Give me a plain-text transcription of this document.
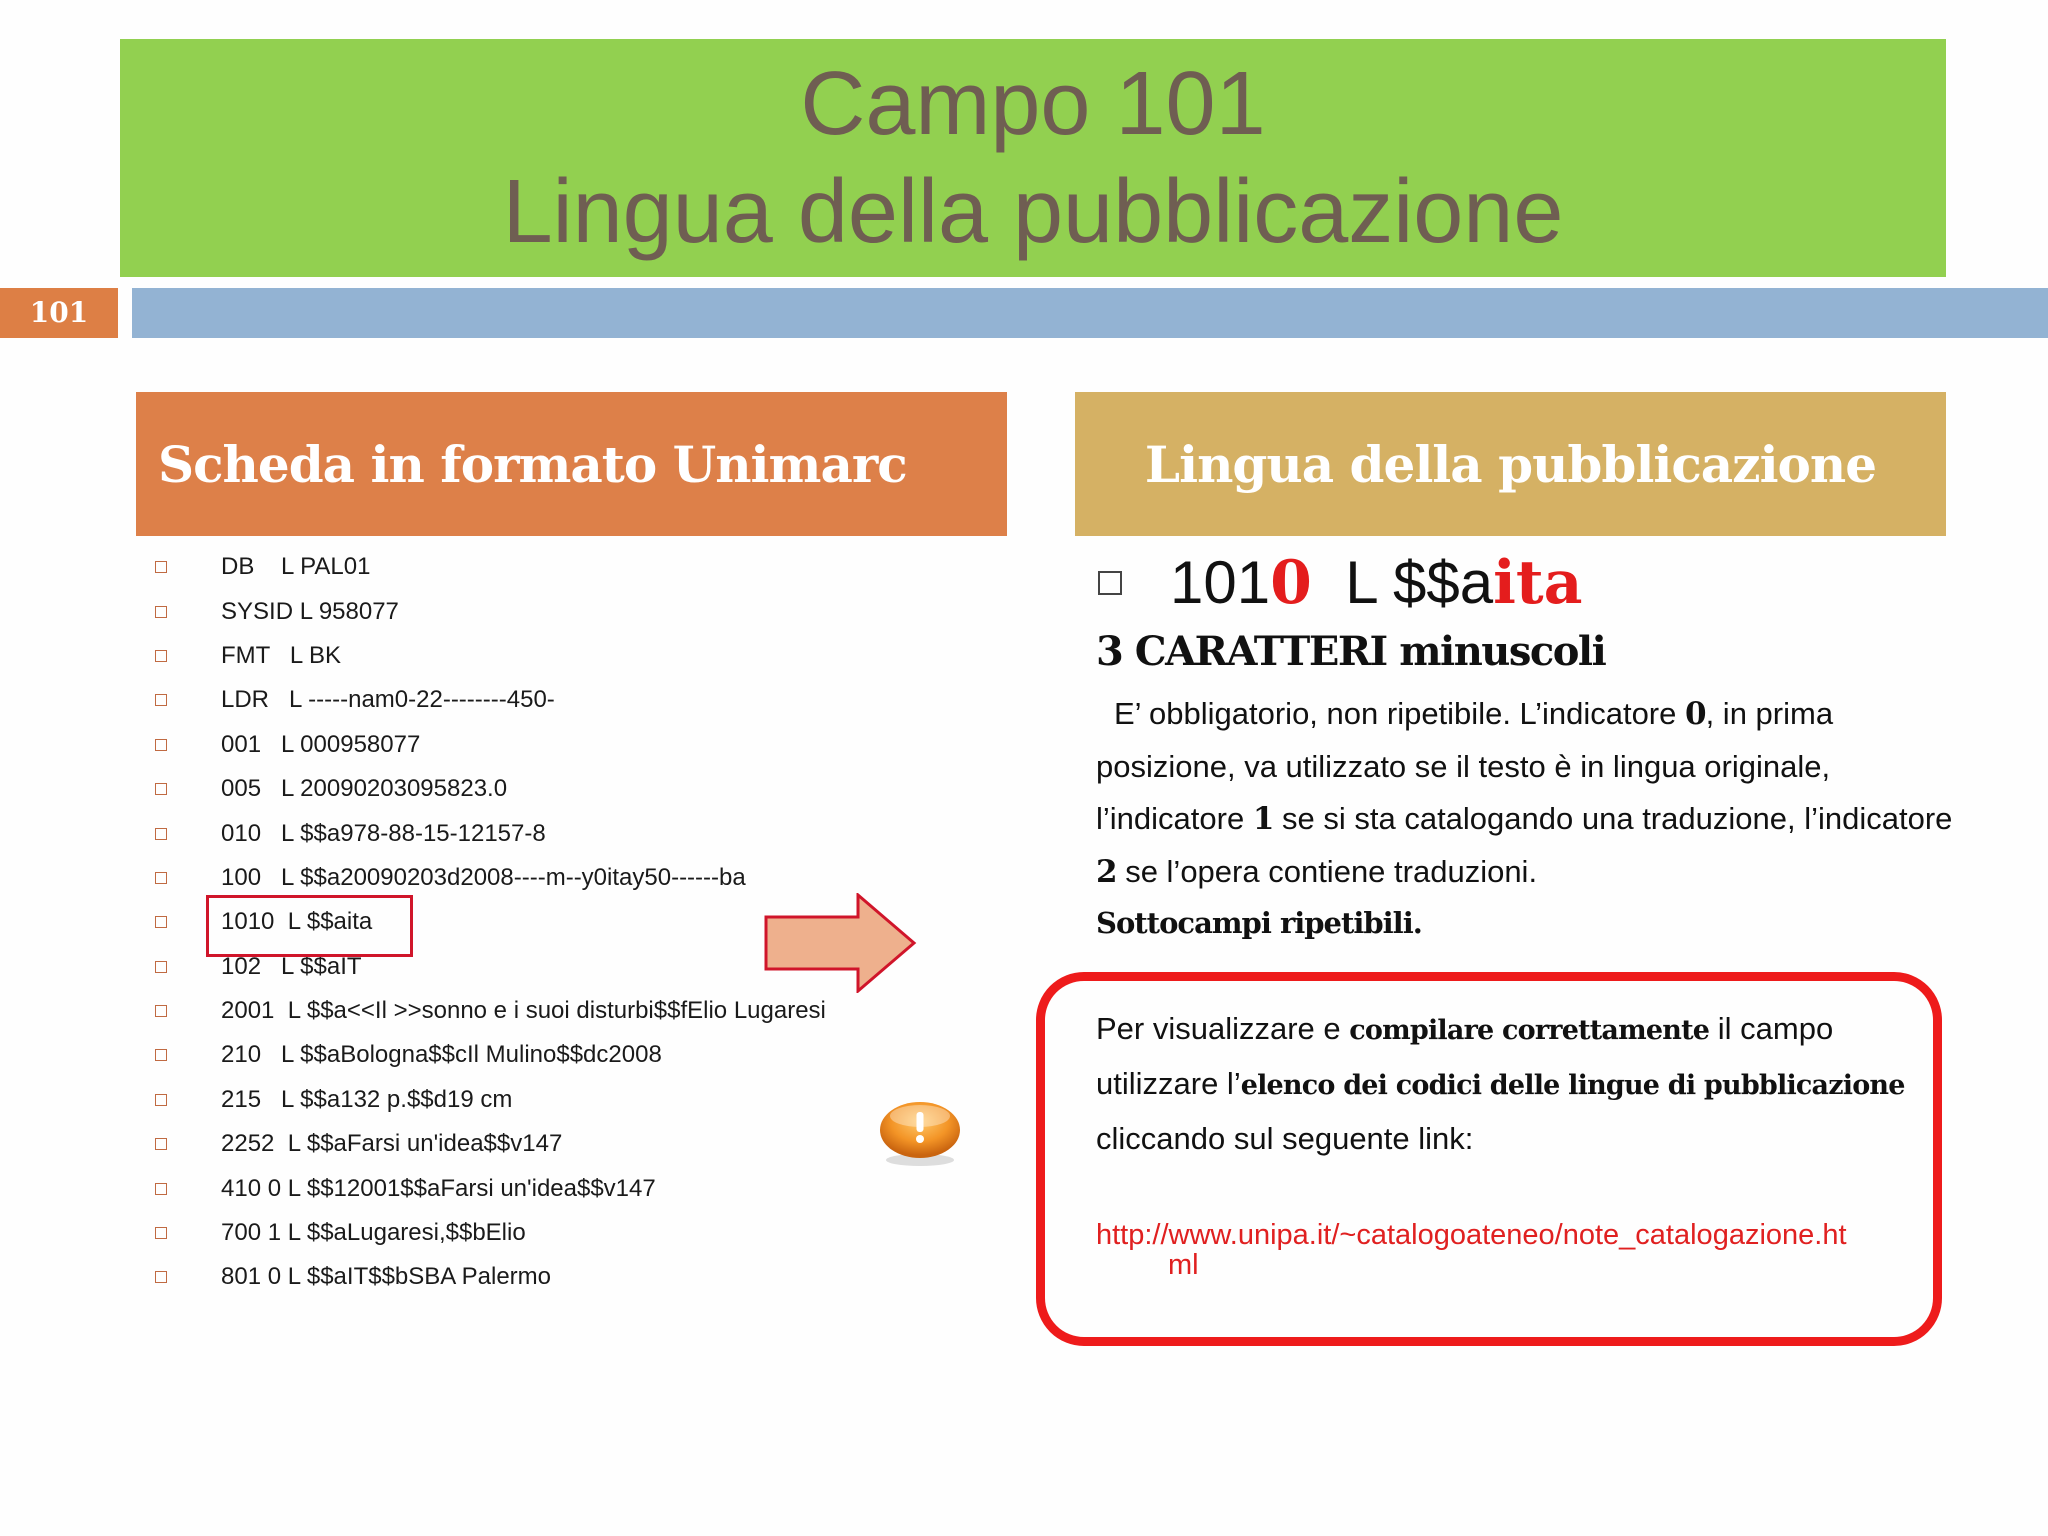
Campo 101
Lingua della pubblicazione
101
Scheda in formato Unimarc	Lingua della pubblicazione
DB    L PAL01
SYSID L 958077
FMT   L BK
LDR   L -----nam0-22--------450-
001   L 000958077
005   L 20090203095823.0
010   L $$a978-88-15-12157-8
100   L $$a20090203d2008----m--y0itay50------ba
1010  L $$aita
102   L $$aIT
2001  L $$a<<Il >>sonno e i suoi disturbi$$fElio Lugaresi
210   L $$aBologna$$cIl Mulino$$dc2008
215   L $$a132 p.$$d19 cm
2252  L $$aFarsi un'idea$$v147
410 0 L $$12001$$aFarsi un'idea$$v147
700 1 L $$aLugaresi,$$bElio
801 0 L $$aIT$$bSBA Palermo
1010  L $$aita
3 CARATTERI minuscoli
E’ obbligatorio, non ripetibile. L’indicatore 0, in prima posizione, va utilizzato se il testo è in lingua originale, l’indicatore 1 se si sta catalogando una traduzione, l’indicatore 2 se l’opera contiene traduzioni.
Sottocampi ripetibili.
Per visualizzare e compilare correttamente il campo utilizzare l’elenco dei codici delle lingue di pubblicazione cliccando sul seguente link:
http://www.unipa.it/~catalogoateneo/note_catalogazione.ht
ml
